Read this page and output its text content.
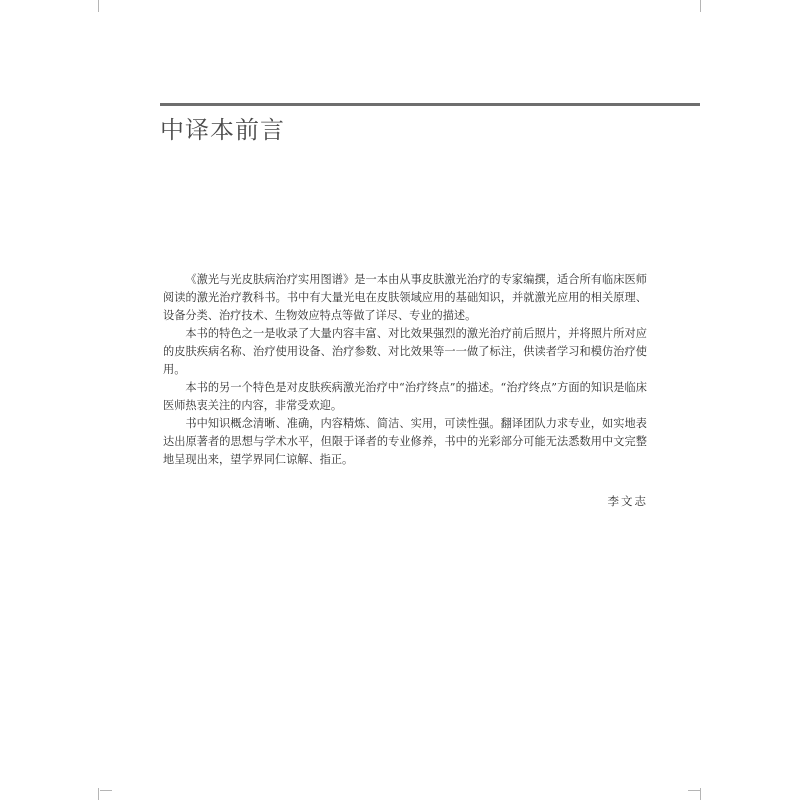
中译本前言

《激光与光皮肤病治疗实用图谱》是一本由从事皮肤激光治疗的专家编撰，适合所有临床医师阅读的激光治疗教科书。书中有大量光电在皮肤领域应用的基础知识，并就激光应用的相关原理、设备分类、治疗技术、生物效应特点等做了详尽、专业的描述。

本书的特色之一是收录了大量内容丰富、对比效果强烈的激光治疗前后照片，并将照片所对应的皮肤疾病名称、治疗使用设备、治疗参数、对比效果等一一做了标注，供读者学习和模仿治疗使用。

本书的另一个特色是对皮肤疾病激光治疗中“治疗终点”的描述。“治疗终点”方面的知识是临床医师热衷关注的内容，非常受欢迎。

书中知识概念清晰、准确，内容精炼、简洁、实用，可读性强。翻译团队力求专业，如实地表达出原著者的思想与学术水平，但限于译者的专业修养，书中的光彩部分可能无法悉数用中文完整地呈现出来，望学界同仁谅解、指正。

李文志
